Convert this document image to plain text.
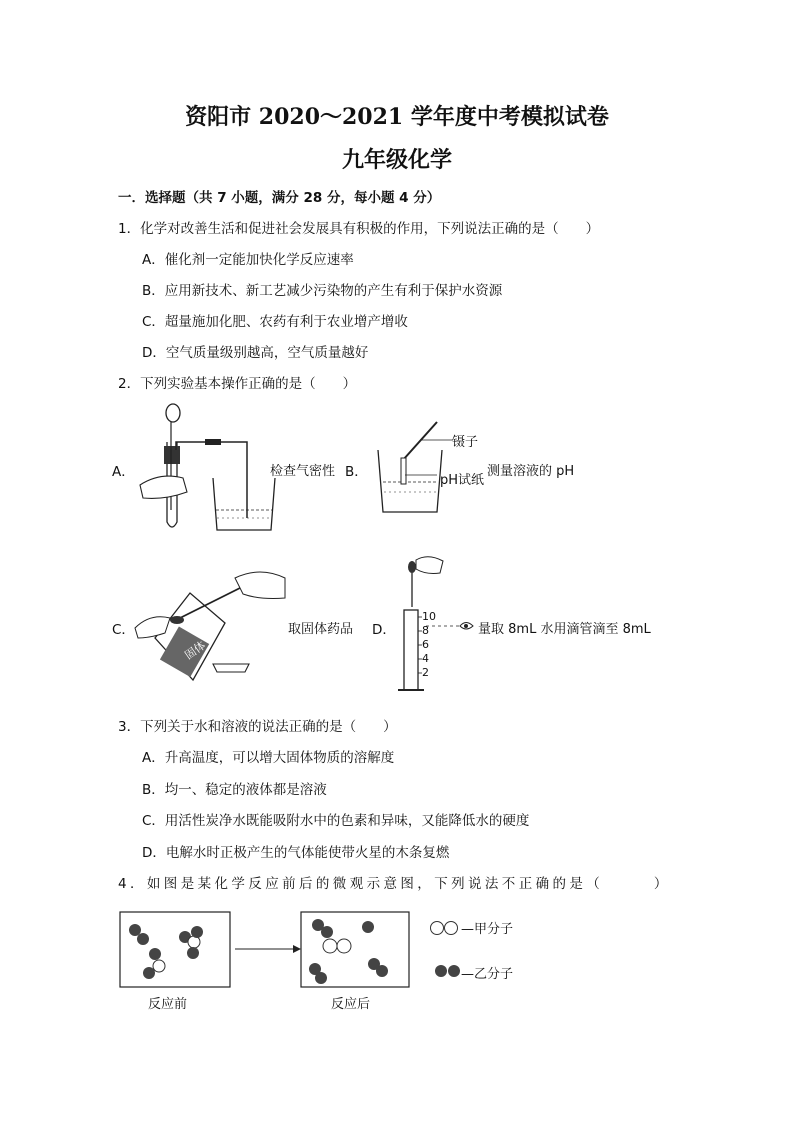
资阳市 2020～2021 学年度中考模拟试卷
九年级化学
一．选择题（共 7 小题，满分 28 分，每小题 4 分）
1．化学对改善生活和促进社会发展具有积极的作用，下列说法正确的是（　　）
A．催化剂一定能加快化学反应速率
B．应用新技术、新工艺减少污染物的产生有利于保护水资源
C．超量施加化肥、农药有利于农业增产增收
D．空气质量级别越高，空气质量越好
2．下列实验基本操作正确的是（　　）
A．	检查气密性 B．
镊子
pH试纸
测量溶液的 pH
C．
固体
取固体药品 D．
10
8
6
4
2
量取 8mL 水用滴管滴至 8mL
3．下列关于水和溶液的说法正确的是（　　）
A．升高温度，可以增大固体物质的溶解度
B．均一、稳定的液体都是溶液
C．用活性炭净水既能吸附水中的色素和异味，又能降低水的硬度
D．电解水时正极产生的气体能使带火星的木条复燃
4．如图是某化学反应前后的微观示意图，下列说法不正确的是（　　　）
—甲分子
—乙分子
反应前	反应后
